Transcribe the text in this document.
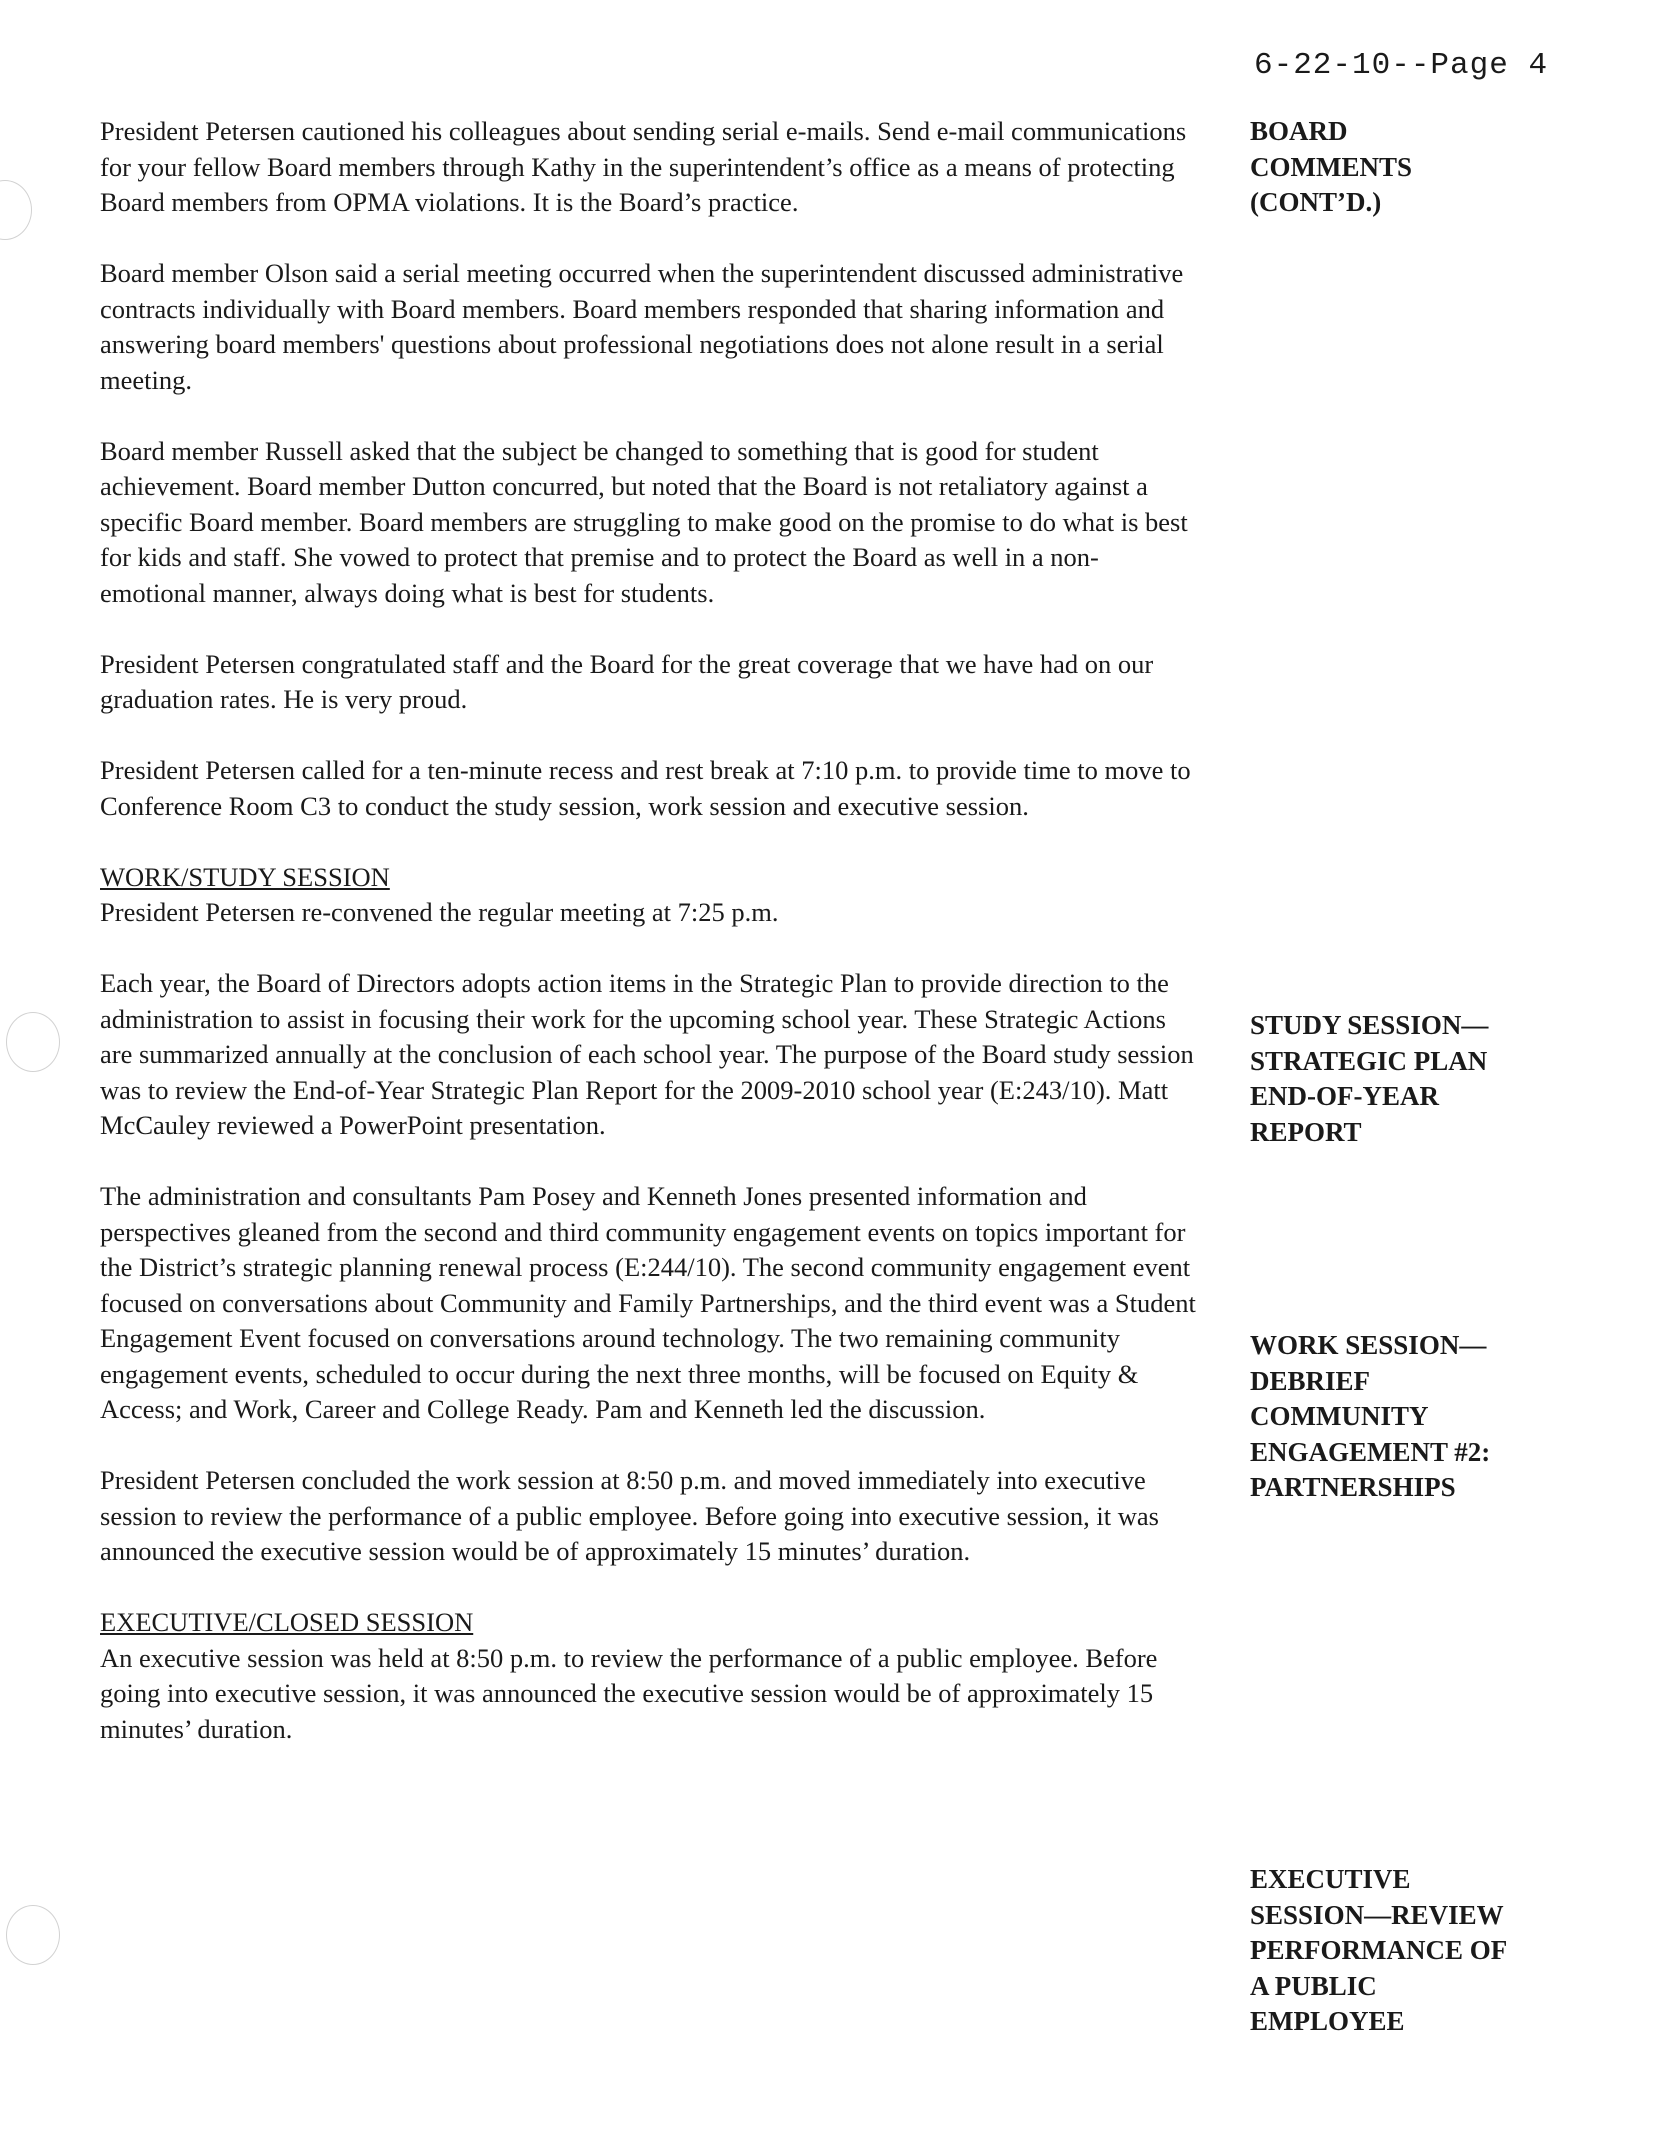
6-22-10--Page 4

President Petersen cautioned his colleagues about sending serial e-mails. Send e-mail communications for your fellow Board members through Kathy in the superintendent’s office as a means of protecting Board members from OPMA violations. It is the Board’s practice.

Board member Olson said a serial meeting occurred when the superintendent discussed administrative contracts individually with Board members. Board members responded that sharing information and answering board members' questions about professional negotiations does not alone result in a serial meeting.

Board member Russell asked that the subject be changed to something that is good for student achievement. Board member Dutton concurred, but noted that the Board is not retaliatory against a specific Board member. Board members are struggling to make good on the promise to do what is best for kids and staff. She vowed to protect that premise and to protect the Board as well in a non-emotional manner, always doing what is best for students.

President Petersen congratulated staff and the Board for the great coverage that we have had on our graduation rates. He is very proud.

President Petersen called for a ten-minute recess and rest break at 7:10 p.m. to provide time to move to Conference Room C3 to conduct the study session, work session and executive session.

WORK/STUDY SESSION

President Petersen re-convened the regular meeting at 7:25 p.m.

Each year, the Board of Directors adopts action items in the Strategic Plan to provide direction to the administration to assist in focusing their work for the upcoming school year. These Strategic Actions are summarized annually at the conclusion of each school year. The purpose of the Board study session was to review the End-of-Year Strategic Plan Report for the 2009-2010 school year (E:243/10). Matt McCauley reviewed a PowerPoint presentation.

The administration and consultants Pam Posey and Kenneth Jones presented information and perspectives gleaned from the second and third community engagement events on topics important for the District’s strategic planning renewal process (E:244/10). The second community engagement event focused on conversations about Community and Family Partnerships, and the third event was a Student Engagement Event focused on conversations around technology. The two remaining community engagement events, scheduled to occur during the next three months, will be focused on Equity & Access; and Work, Career and College Ready. Pam and Kenneth led the discussion.

President Petersen concluded the work session at 8:50 p.m. and moved immediately into executive session to review the performance of a public employee. Before going into executive session, it was announced the executive session would be of approximately 15 minutes’ duration.

EXECUTIVE/CLOSED SESSION

An executive session was held at 8:50 p.m. to review the performance of a public employee. Before going into executive session, it was announced the executive session would be of approximately 15 minutes’ duration.

BOARD
COMMENTS
(CONT’D.)
STUDY SESSION—
STRATEGIC PLAN
END-OF-YEAR
REPORT
WORK SESSION—
DEBRIEF
COMMUNITY
ENGAGEMENT #2:
PARTNERSHIPS
EXECUTIVE
SESSION—REVIEW
PERFORMANCE OF
A PUBLIC
EMPLOYEE
